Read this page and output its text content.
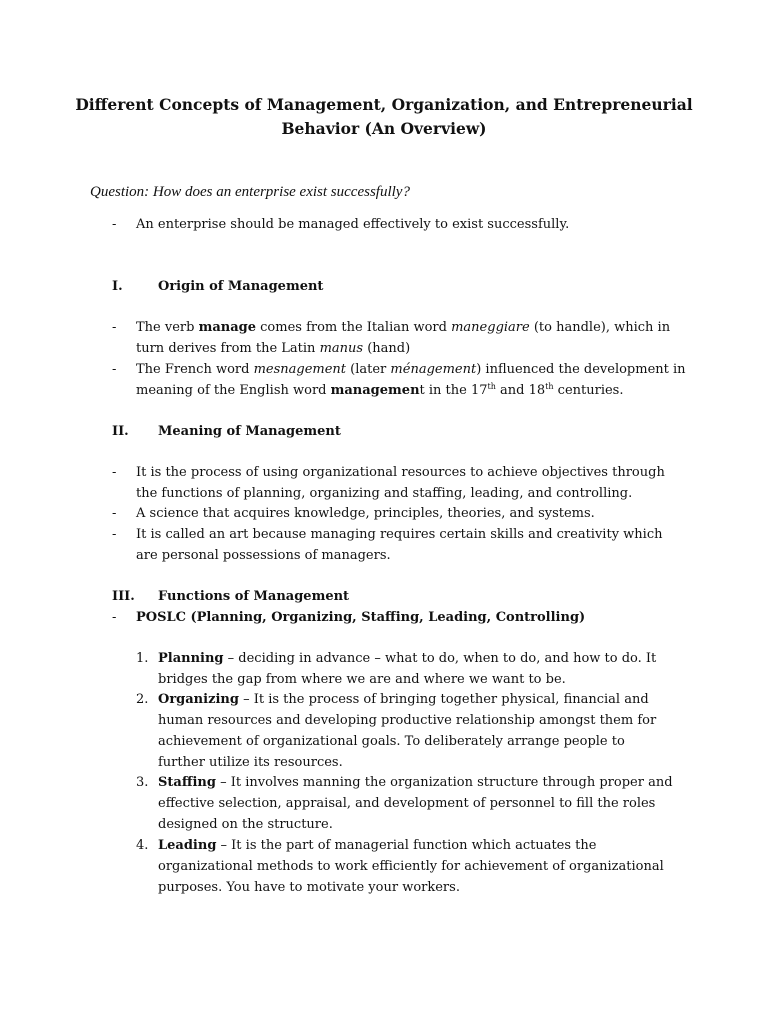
Different Concepts of Management, Organization, and Entrepreneurial
Behavior (An Overview)
Question: How does an enterprise exist successfully?
- An enterprise should be managed effectively to exist successfully.
I.	Origin of Management
- The verb manage comes from the Italian word maneggiare (to handle), which in
turn derives from the Latin manus (hand)
- The French word mesnagement (later ménagement) influenced the development in
meaning of the English word management in the 17th and 18th centuries.
II. Meaning of Management
- It is the process of using organizational resources to achieve objectives through
the functions of planning, organizing and staffing, leading, and controlling.
- A science that acquires knowledge, principles, theories, and systems.
- It is called an art because managing requires certain skills and creativity which
are personal possessions of managers.
III. Functions of Management
- POSLC (Planning, Organizing, Staffing, Leading, Controlling)
1. Planning – deciding in advance – what to do, when to do, and how to do. It
bridges the gap from where we are and where we want to be.
2. Organizing – It is the process of bringing together physical, financial and
human resources and developing productive relationship amongst them for
achievement of organizational goals. To deliberately arrange people to
further utilize its resources.
3. Staffing – It involves manning the organization structure through proper and
effective selection, appraisal, and development of personnel to fill the roles
designed on the structure.
4. Leading – It is the part of managerial function which actuates the
organizational methods to work efficiently for achievement of organizational
purposes. You have to motivate your workers.
